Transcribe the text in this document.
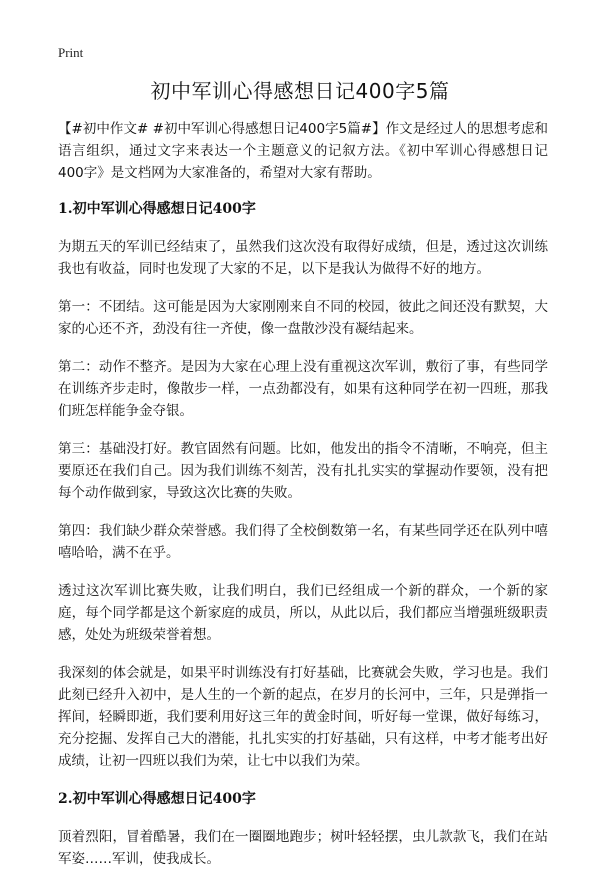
Print
初中军训心得感想日记400字5篇

【#初中作文# #初中军训心得感想日记400字5篇#】作文是经过人的思想考虑和语言组织，通过文字来表达一个主题意义的记叙方法。《初中军训心得感想日记400字》是文档网为大家准备的，希望对大家有帮助。

1.初中军训心得感想日记400字

为期五天的军训已经结束了，虽然我们这次没有取得好成绩，但是，透过这次训练我也有收益，同时也发现了大家的不足，以下是我认为做得不好的地方。

第一：不团结。这可能是因为大家刚刚来自不同的校园，彼此之间还没有默契，大家的心还不齐，劲没有往一齐使，像一盘散沙没有凝结起来。

第二：动作不整齐。是因为大家在心理上没有重视这次军训，敷衍了事，有些同学在训练齐步走时，像散步一样，一点劲都没有，如果有这种同学在初一四班，那我们班怎样能争金夺银。

第三：基础没打好。教官固然有问题。比如，他发出的指令不清晰，不响亮，但主要原还在我们自己。因为我们训练不刻苦，没有扎扎实实的掌握动作要领，没有把每个动作做到家，导致这次比赛的失败。

第四：我们缺少群众荣誉感。我们得了全校倒数第一名，有某些同学还在队列中嘻嘻哈哈，满不在乎。

透过这次军训比赛失败，让我们明白，我们已经组成一个新的群众，一个新的家庭，每个同学都是这个新家庭的成员，所以，从此以后，我们都应当增强班级职责感，处处为班级荣誉着想。

我深刻的体会就是，如果平时训练没有打好基础，比赛就会失败，学习也是。我们此刻已经升入初中，是人生的一个新的起点，在岁月的长河中，三年，只是弹指一挥间，轻瞬即逝，我们要利用好这三年的黄金时间，听好每一堂课，做好每练习，充分挖掘、发挥自己大的潜能，扎扎实实的打好基础，只有这样，中考才能考出好成绩，让初一四班以我们为荣，让七中以我们为荣。

2.初中军训心得感想日记400字

顶着烈阳，冒着酷暑，我们在一圈圈地跑步；树叶轻轻摆，虫儿款款飞，我们在站军姿……军训，使我成长。
